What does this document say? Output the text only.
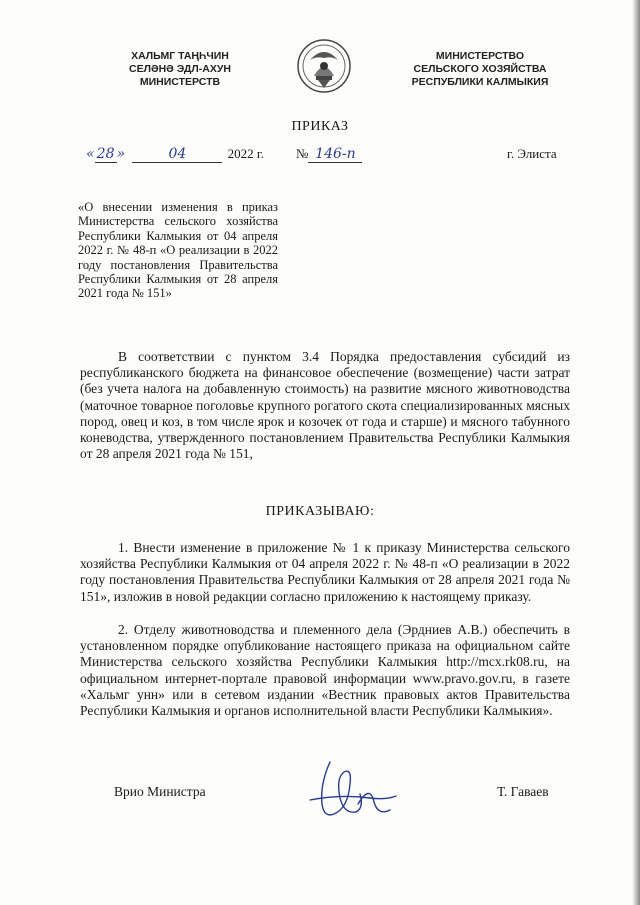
ХАЛЬМГ ТАҢҺЧИН
СЕЛӘНӘ ЭДЛ-АХУН
МИНИСТЕРСТВ
МИНИСТЕРСТВО
СЕЛЬСКОГО ХОЗЯЙСТВА
РЕСПУБЛИКИ КАЛМЫКИЯ
ПРИКАЗ
« 28 »	04	2022 г. № 146-п	г. Элиста
«О внесении изменения в приказ Министерства сельского хозяйства Республики Калмыкия от 04 апреля 2022 г. № 48-п «О реализации в 2022 году постановления Правительства Республики Калмыкия от 28 апреля 2021 года № 151»
В соответствии с пунктом 3.4 Порядка предоставления субсидий из республиканского бюджета на финансовое обеспечение (возмещение) части затрат (без учета налога на добавленную стоимость) на развитие мясного животноводства (маточное товарное поголовье крупного рогатого скота специализированных мясных пород, овец и коз, в том числе ярок и козочек от года и старше) и мясного табунного коневодства, утвержденного постановлением Правительства Республики Калмыкия от 28 апреля 2021 года № 151,
ПРИКАЗЫВАЮ:
1. Внести изменение в приложение № 1 к приказу Министерства сельского хозяйства Республики Калмыкия от 04 апреля 2022 г. № 48-п «О реализации в 2022 году постановления Правительства Республики Калмыкия от 28 апреля 2021 года № 151», изложив в новой редакции согласно приложению к настоящему приказу.
2. Отделу животноводства и племенного дела (Эрдниев А.В.) обеспечить в установленном порядке опубликование настоящего приказа на официальном сайте Министерства сельского хозяйства Республики Калмыкия http://mcx.rk08.ru, на официальном интернет-портале правовой информации www.pravo.gov.ru, в газете «Хальмг унн» или в сетевом издании «Вестник правовых актов Правительства Республики Калмыкия и органов исполнительной власти Республики Калмыкия».
Врио Министра	Т. Гаваев
